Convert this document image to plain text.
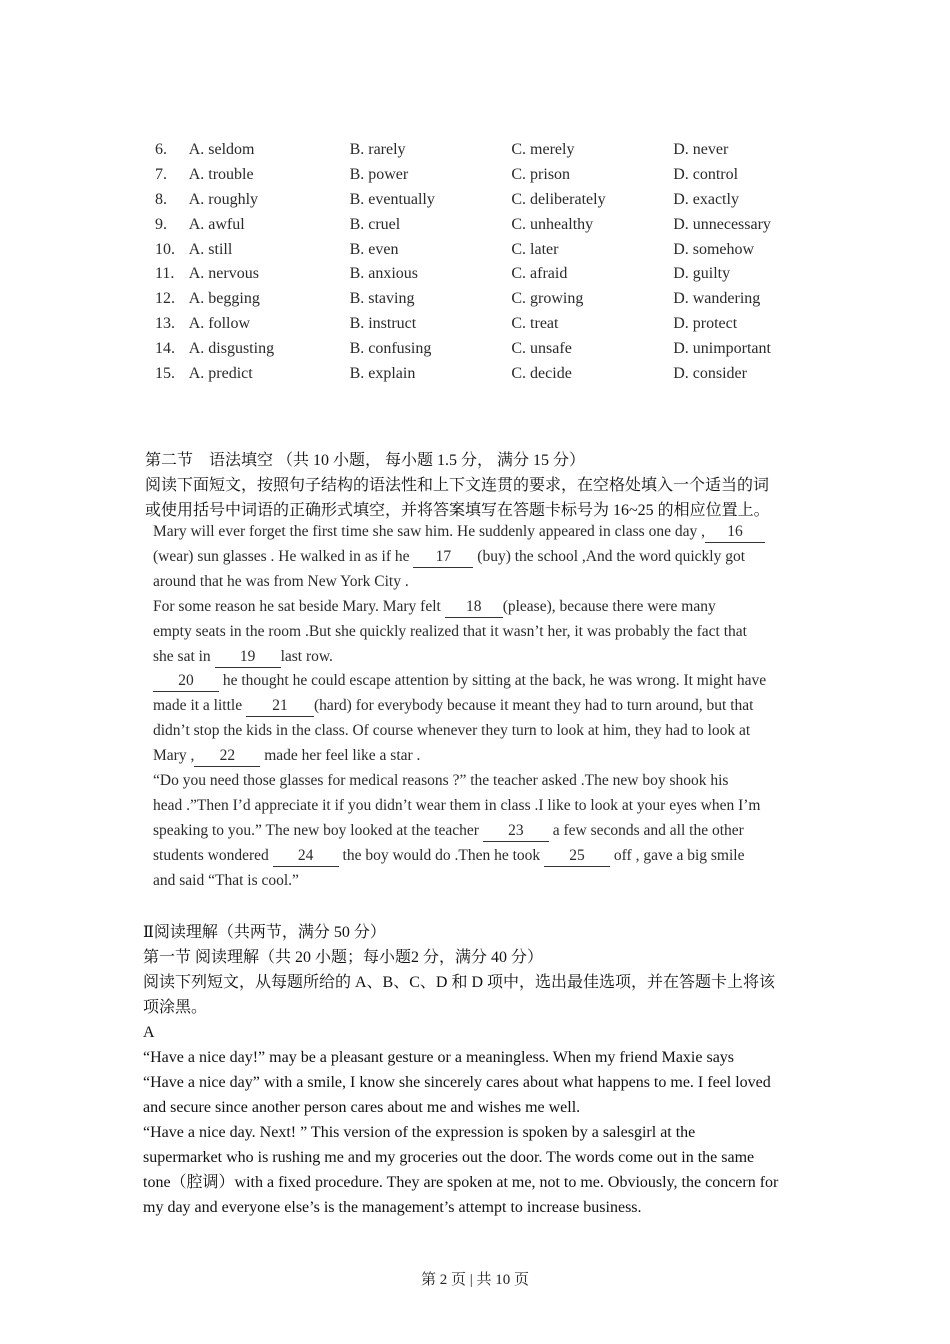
6.	A. seldom	B. rarely	C. merely	D. never
7.	A. trouble	B. power	C. prison	D. control
8.	A. roughly	B. eventually	C. deliberately	D. exactly
9.	A. awful	B. cruel	C. unhealthy	D. unnecessary
10. A. still	B. even	C. later	D. somehow
11. A. nervous	B. anxious	C. afraid	D. guilty
12. A. begging	B. staving	C. growing	D. wandering
13. A. follow	B. instruct	C. treat	D. protect
14. A. disgusting	B. confusing	C. unsafe	D. unimportant
15. A. predict	B. explain	C. decide	D. consider
第二节　语法填空 （共 10 小题， 每小题 1.5 分， 满分 15 分）
阅读下面短文，按照句子结构的语法性和上下文连贯的要求，在空格处填入一个适当的词
或使用括号中词语的正确形式填空，并将答案填写在答题卡标号为 16~25 的相应位置上。

Mary will ever forget the first time she saw him. He suddenly appeared in class one day , 16

(wear) sun glasses . He walked in as if he 17 (buy) the school ,And the word quickly got

around that he was from New York City .

For some reason he sat beside Mary. Mary felt 18 (please), because there were many

empty seats in the room .But she quickly realized that it wasn’t her, it was probably the fact that

she sat in 19 last row.

20 he thought he could escape attention by sitting at the back, he was wrong. It might have

made it a little 21 (hard) for everybody because it meant they had to turn around, but that

didn’t stop the kids in the class. Of course whenever they turn to look at him, they had to look at

Mary , 22 made her feel like a star .

“Do you need those glasses for medical reasons ?” the teacher asked .The new boy shook his

head .”Then I’d appreciate it if you didn’t wear them in class .I like to look at your eyes when I’m

speaking to you.” The new boy looked at the teacher 23 a few seconds and all the other

students wondered 24 the boy would do .Then he took 25 off , gave a big smile

and said “That is cool.”

Ⅱ阅读理解（共两节，满分 50 分）

第一节 阅读理解（共 20 小题；每小题2 分，满分 40 分）

阅读下列短文，从每题所给的 A、B、C、D 和 D 项中，选出最佳选项，并在答题卡上将该

项涂黑。

A

“Have a nice day!” may be a pleasant gesture or a meaningless. When my friend Maxie says

“Have a nice day” with a smile, I know she sincerely cares about what happens to me. I feel loved

and secure since another person cares about me and wishes me well.

“Have a nice day. Next! ” This version of the expression is spoken by a salesgirl at the

supermarket who is rushing me and my groceries out the door. The words come out in the same

tone（腔调）with a fixed procedure. They are spoken at me, not to me. Obviously, the concern for

my day and everyone else’s is the management’s attempt to increase business.

第 2 页 | 共 10 页
